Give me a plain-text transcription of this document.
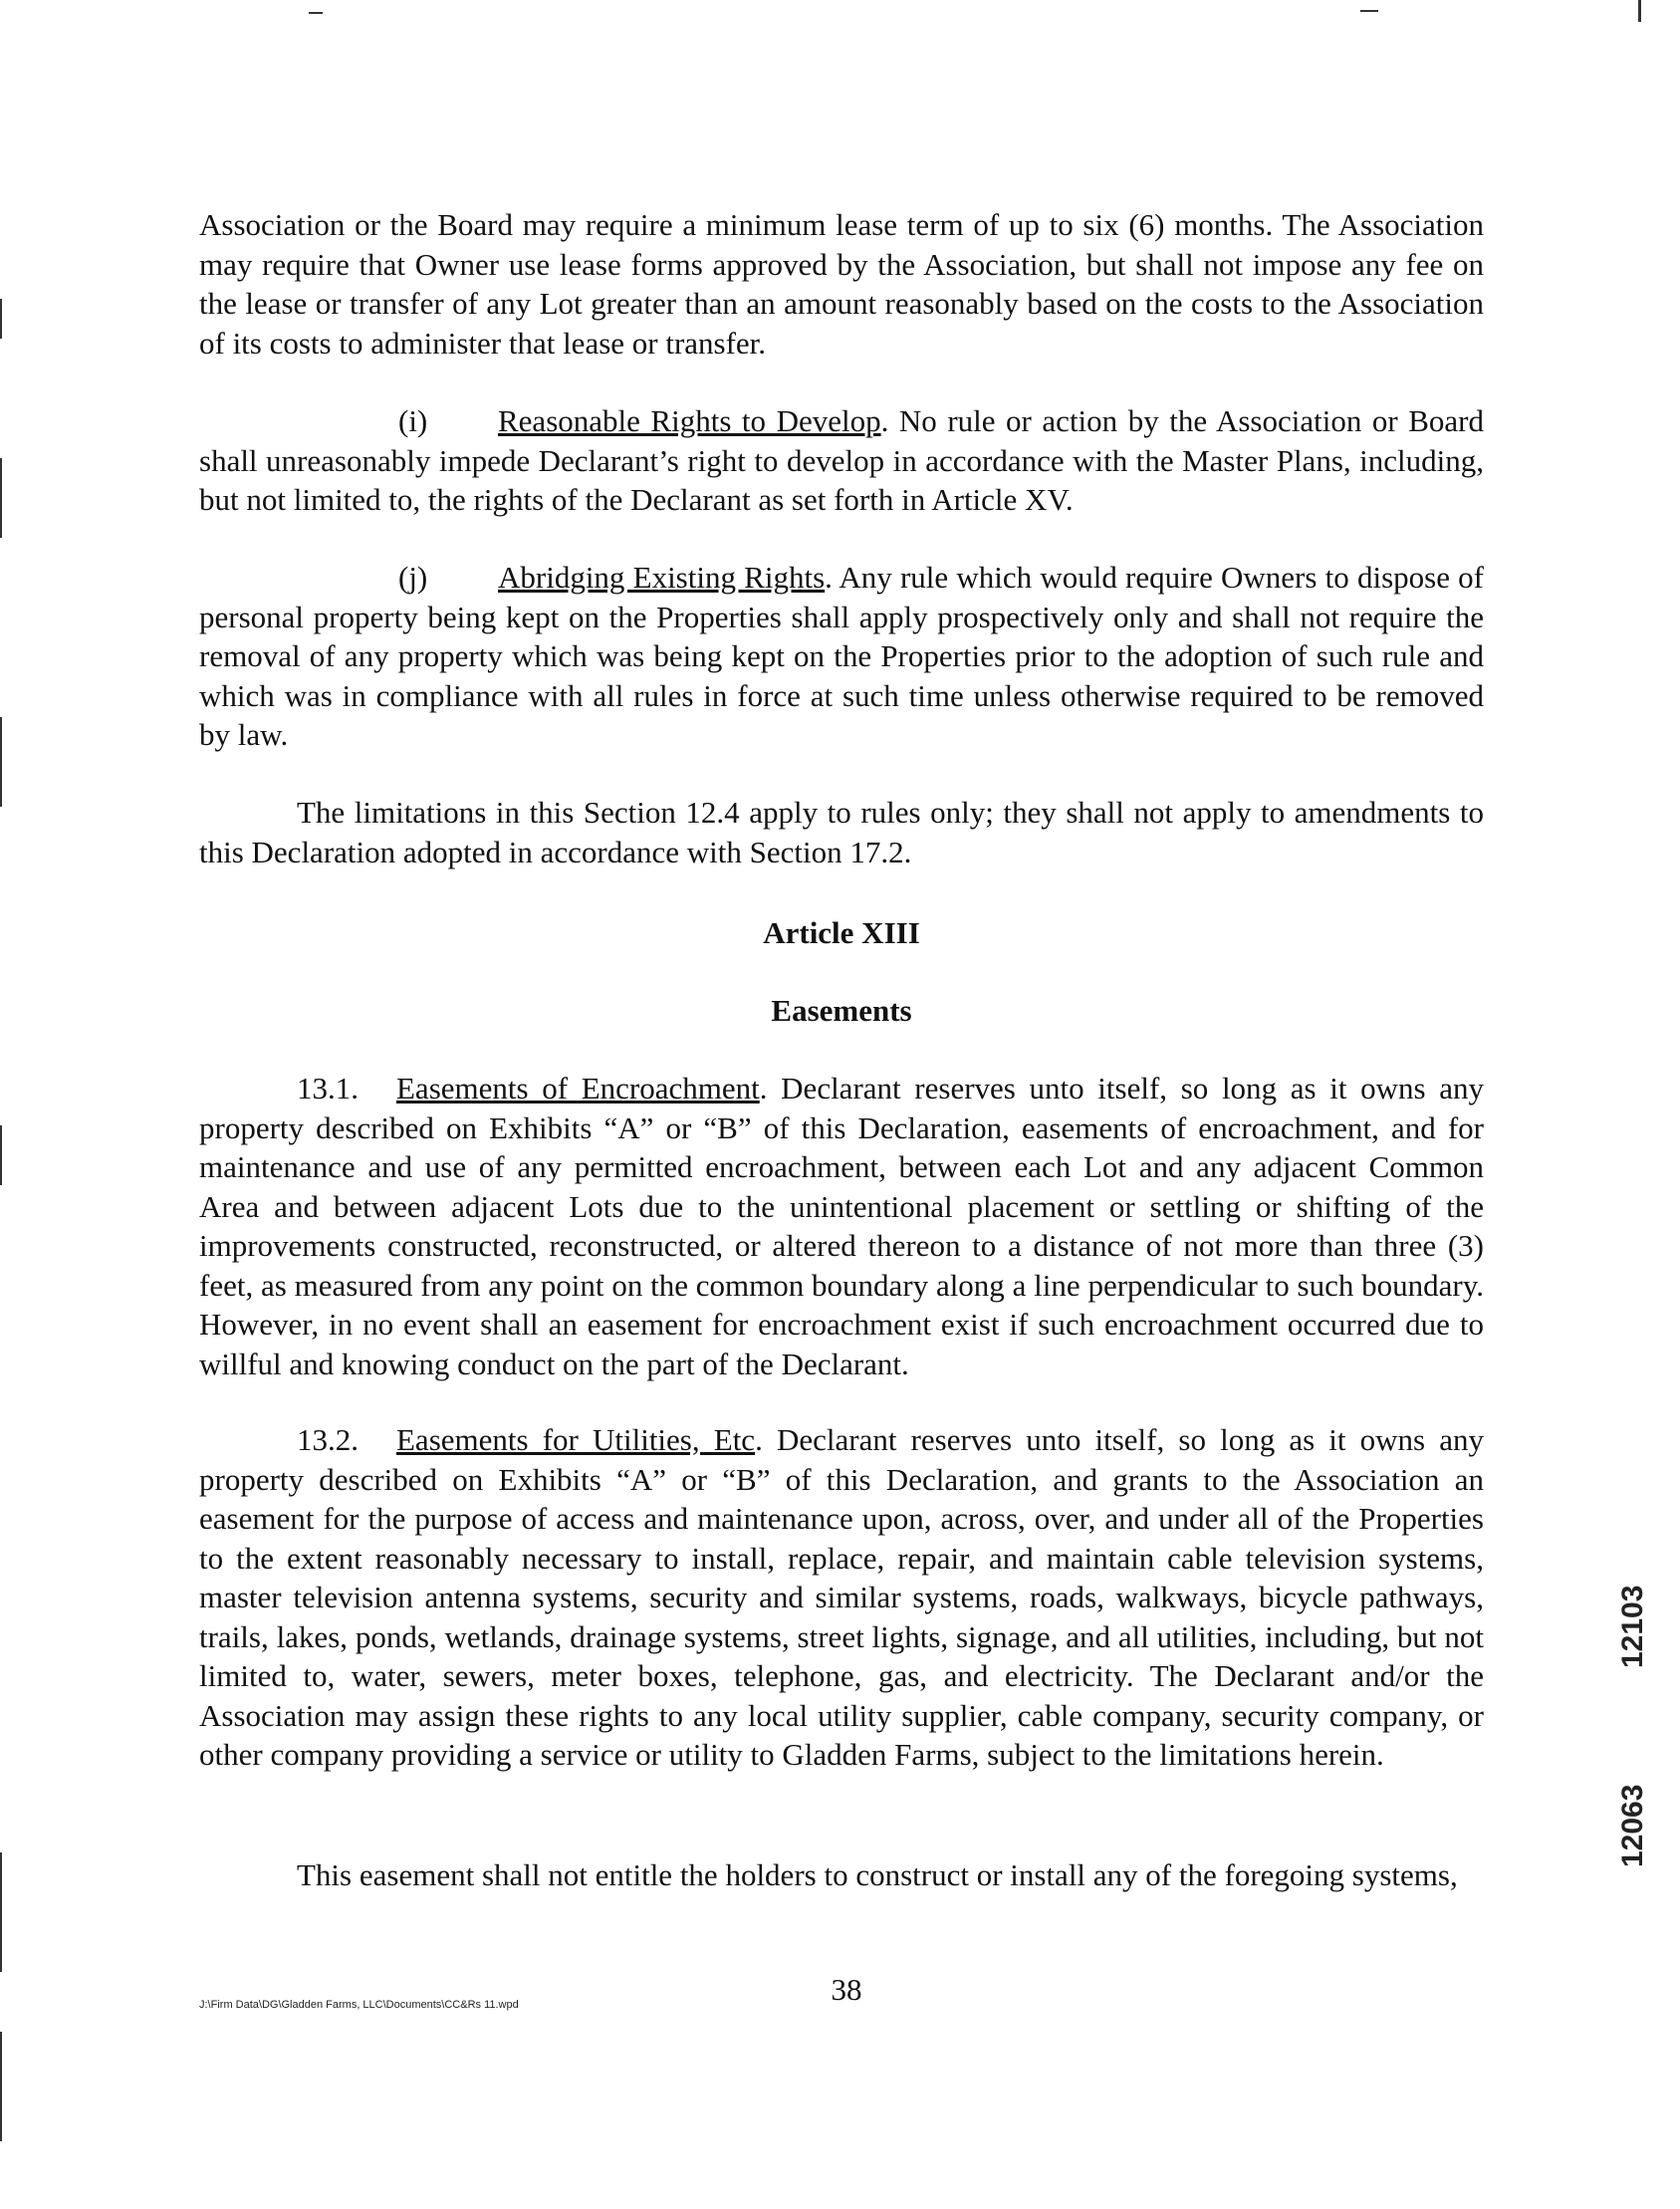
Association or the Board may require a minimum lease term of up to six (6) months. The Association may require that Owner use lease forms approved by the Association, but shall not impose any fee on the lease or transfer of any Lot greater than an amount reasonably based on the costs to the Association of its costs to administer that lease or transfer.

(i) Reasonable Rights to Develop. No rule or action by the Association or Board shall unreasonably impede Declarant’s right to develop in accordance with the Master Plans, including, but not limited to, the rights of the Declarant as set forth in Article XV.

(j) Abridging Existing Rights. Any rule which would require Owners to dispose of personal property being kept on the Properties shall apply prospectively only and shall not require the removal of any property which was being kept on the Properties prior to the adoption of such rule and which was in compliance with all rules in force at such time unless otherwise required to be removed by law.

The limitations in this Section 12.4 apply to rules only; they shall not apply to amendments to this Declaration adopted in accordance with Section 17.2.

Article XIII
Easements

13.1. Easements of Encroachment. Declarant reserves unto itself, so long as it owns any property described on Exhibits “A” or “B” of this Declaration, easements of encroachment, and for maintenance and use of any permitted encroachment, between each Lot and any adjacent Common Area and between adjacent Lots due to the unintentional placement or settling or shifting of the improvements constructed, reconstructed, or altered thereon to a distance of not more than three (3) feet, as measured from any point on the common boundary along a line perpendicular to such boundary. However, in no event shall an easement for encroachment exist if such encroachment occurred due to willful and knowing conduct on the part of the Declarant.

13.2. Easements for Utilities, Etc. Declarant reserves unto itself, so long as it owns any property described on Exhibits “A” or “B” of this Declaration, and grants to the Association an easement for the purpose of access and maintenance upon, across, over, and under all of the Properties to the extent reasonably necessary to install, replace, repair, and maintain cable television systems, master television antenna systems, security and similar systems, roads, walkways, bicycle pathways, trails, lakes, ponds, wetlands, drainage systems, street lights, signage, and all utilities, including, but not limited to, water, sewers, meter boxes, telephone, gas, and electricity. The Declarant and/or the Association may assign these rights to any local utility supplier, cable company, security company, or other company providing a service or utility to Gladden Farms, subject to the limitations herein.

This easement shall not entitle the holders to construct or install any of the foregoing systems,

38
J:\Firm Data\DG\Gladden Farms, LLC\Documents\CC&Rs 11.wpd
12103
12063
